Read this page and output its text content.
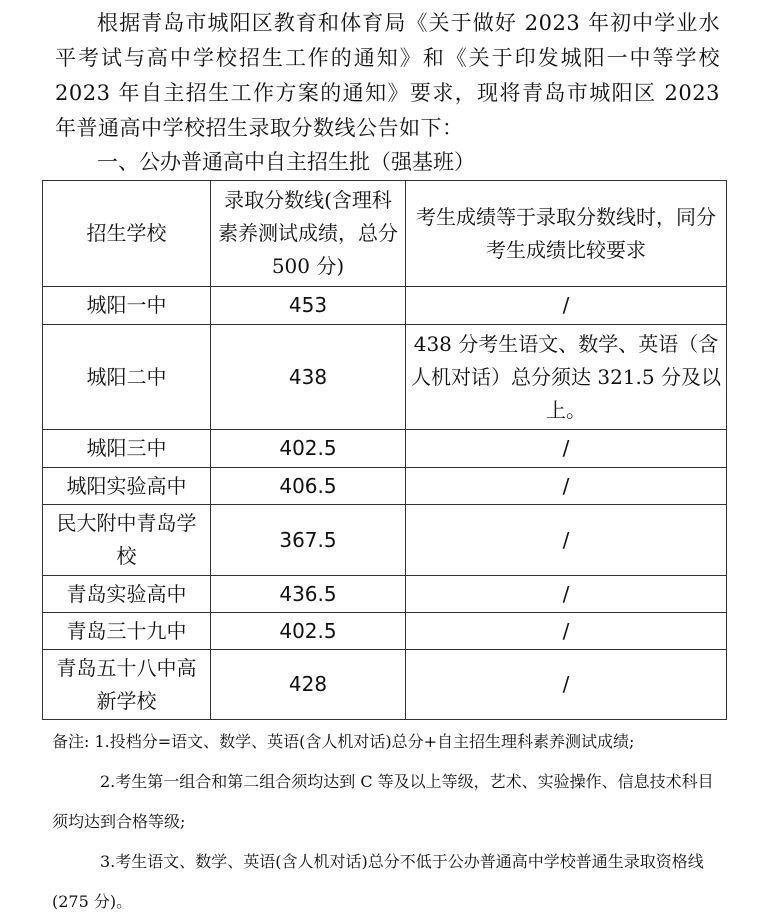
根据青岛市城阳区教育和体育局《关于做好 2023 年初中学业水平考试与高中学校招生工作的通知》和《关于印发城阳一中等学校 2023 年自主招生工作方案的通知》要求，现将青岛市城阳区 2023 年普通高中学校招生录取分数线公告如下：

一、公办普通高中自主招生批（强基班）

招生学校	录取分数线(含理科素养测试成绩，总分 500 分)	考生成绩等于录取分数线时，同分考生成绩比较要求
城阳一中	453	/
城阳二中	438	438 分考生语文、数学、英语（含人机对话）总分须达 321.5 分及以上。
城阳三中	402.5	/
城阳实验高中	406.5	/
民大附中青岛学校	367.5	/
青岛实验高中	436.5	/
青岛三十九中	402.5	/
青岛五十八中高新学校	428	/

备注: 1.投档分=语文、数学、英语(含人机对话)总分+自主招生理科素养测试成绩;

2.考生第一组合和第二组合须均达到 C 等及以上等级，艺术、实验操作、信息技术科目须均达到合格等级;

3.考生语文、数学、英语(含人机对话)总分不低于公办普通高中学校普通生录取资格线(275 分)。
